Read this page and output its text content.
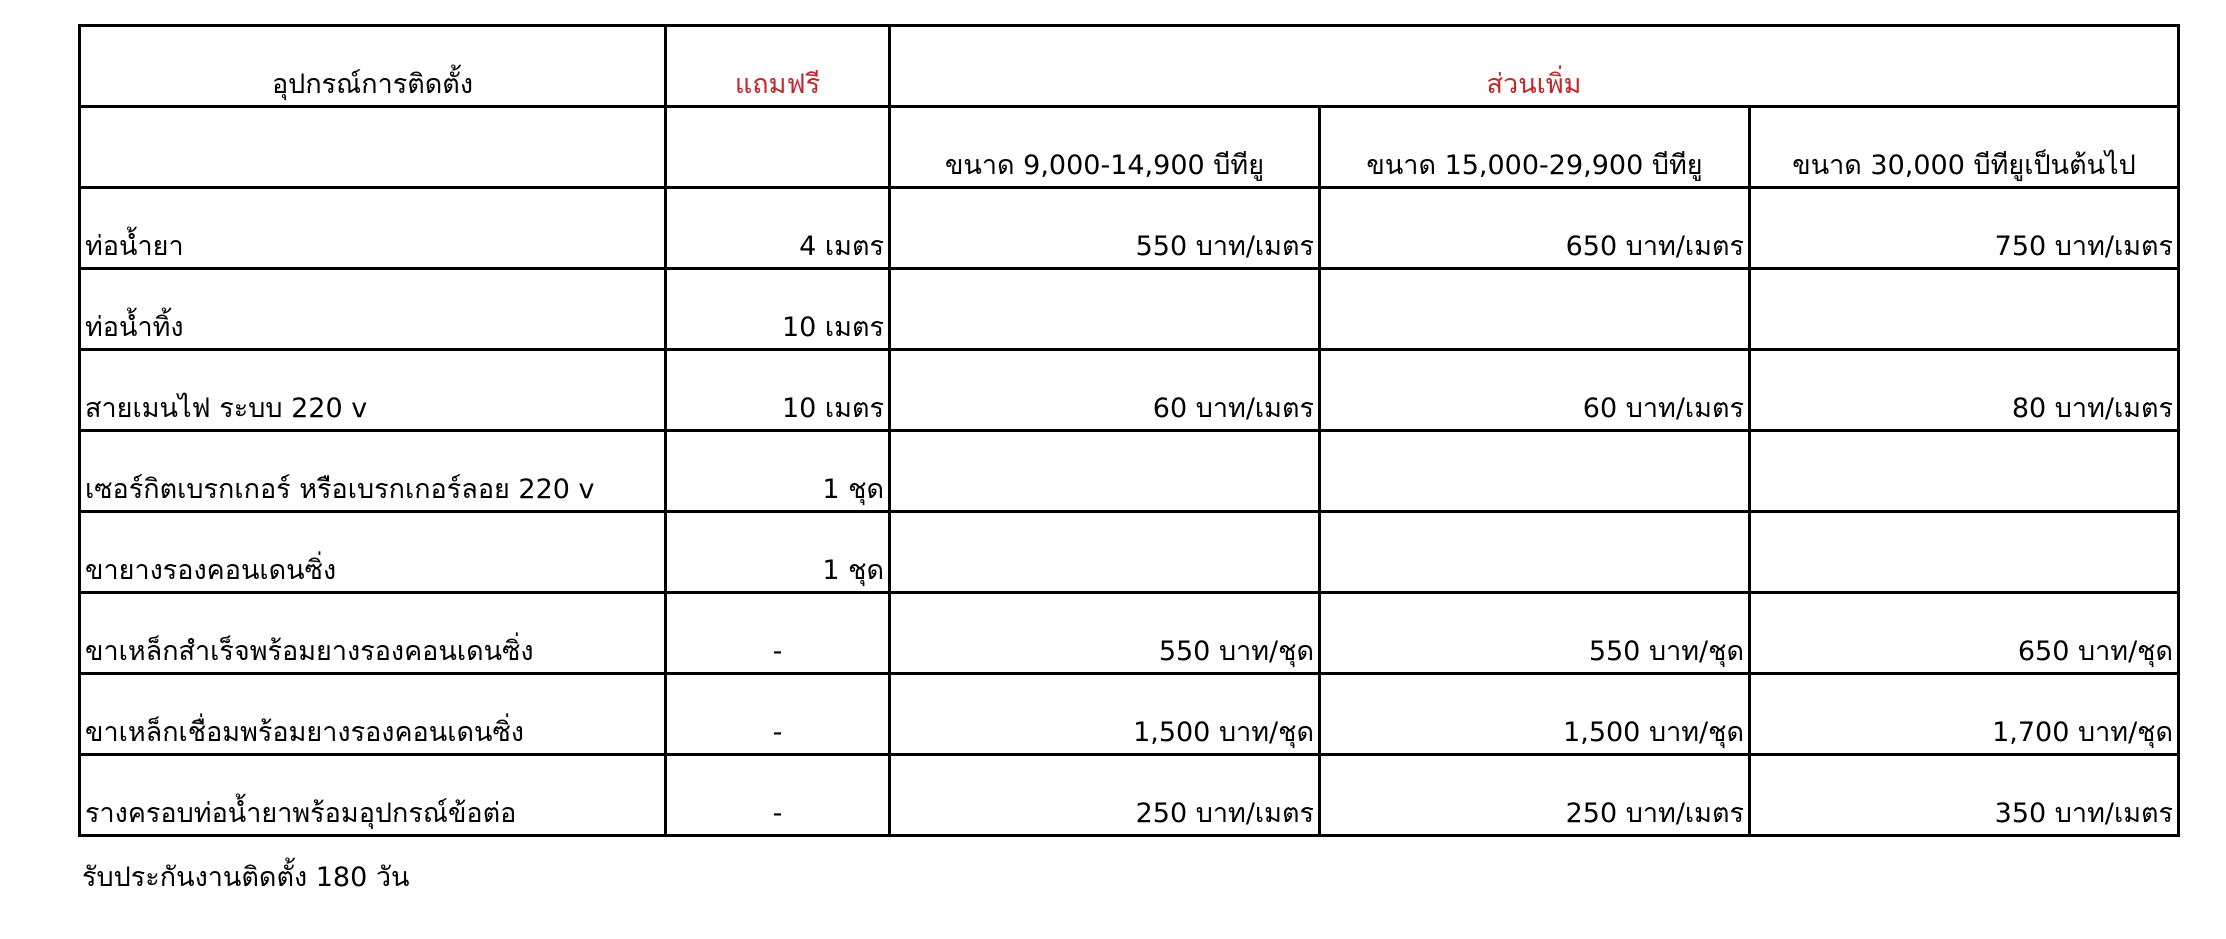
อุปกรณ์การติดตั้ง	แถมฟรี	ส่วนเพิ่ม		
		ขนาด 9,000-14,900 บีทียู	ขนาด 15,000-29,900 บีทียู	ขนาด 30,000 บีทียูเป็นต้นไป
ท่อน้ำยา	4 เมตร	550 บาท/เมตร	650 บาท/เมตร	750 บาท/เมตร
ท่อน้ำทิ้ง	10 เมตร			
สายเมนไฟ ระบบ 220 v	10 เมตร	60 บาท/เมตร	60 บาท/เมตร	80 บาท/เมตร
เซอร์กิตเบรกเกอร์ หรือเบรกเกอร์ลอย 220 v	1 ชุด			
ขายางรองคอนเดนซิ่ง	1 ชุด			
ขาเหล็กสำเร็จพร้อมยางรองคอนเดนซิ่ง	-	550 บาท/ชุด	550 บาท/ชุด	650 บาท/ชุด
ขาเหล็กเชื่อมพร้อมยางรองคอนเดนซิ่ง	-	1,500 บาท/ชุด	1,500 บาท/ชุด	1,700 บาท/ชุด
รางครอบท่อน้ำยาพร้อมอุปกรณ์ข้อต่อ	-	250 บาท/เมตร	250 บาท/เมตร	350 บาท/เมตร
รับประกันงานติดตั้ง 180 วัน
